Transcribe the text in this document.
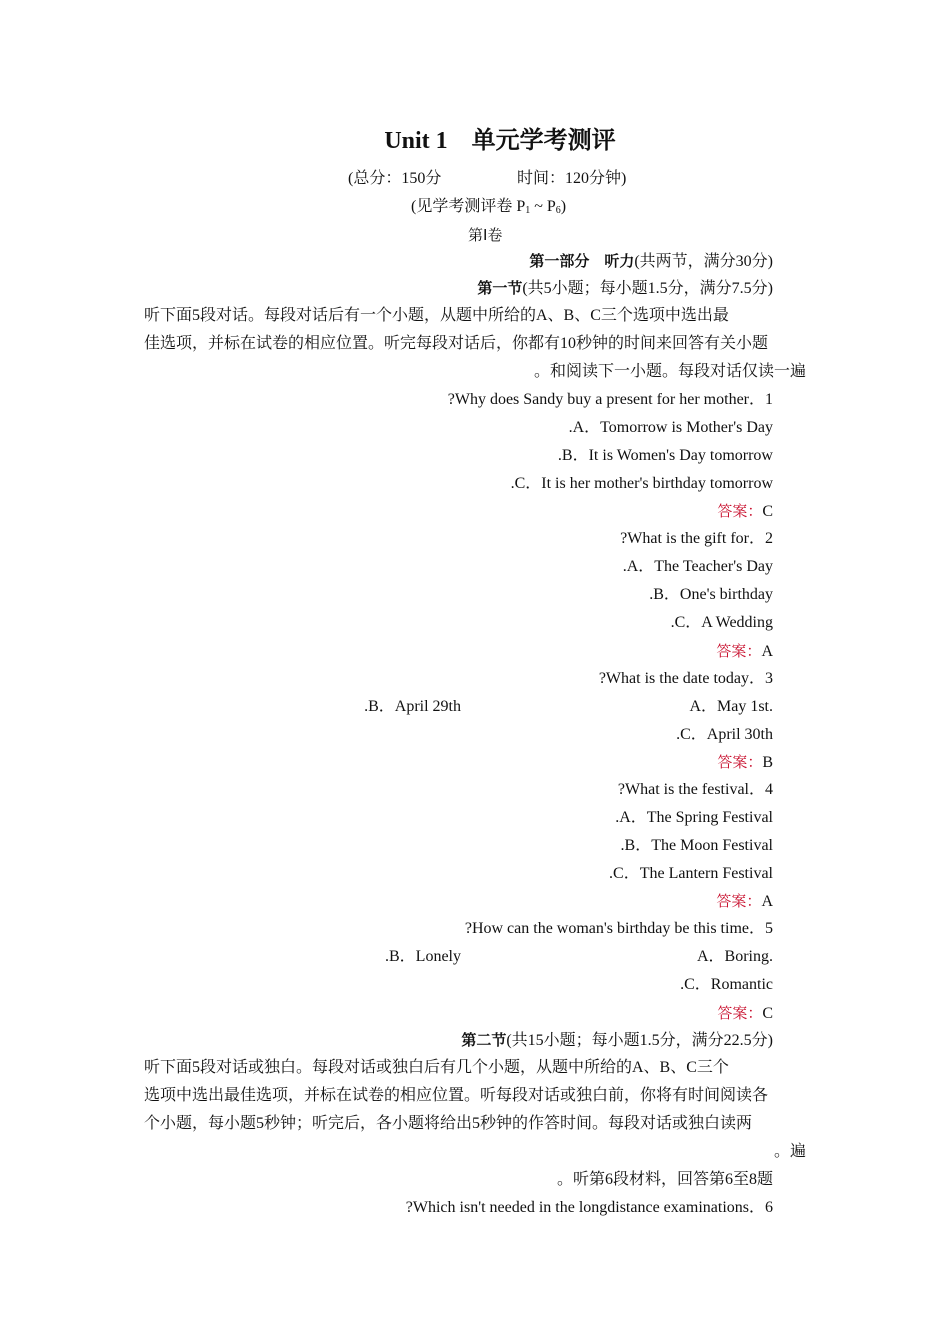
Unit 1　单元学考测评
(总分：150分	时间：120分钟)
(见学考测评卷 $P_1$ ~ $P_6$)
第Ⅰ卷
第一部分　听力(共两节，满分30分)
第一节(共5小题；每小题1.5分，满分7.5分)
听下面5段对话。每段对话后有一个小题，从题中所给的A、B、C三个选项中选出最
佳选项，并标在试卷的相应位置。听完每段对话后，你都有10秒钟的时间来回答有关小题
。和阅读下一小题。每段对话仅读一遍
?Why does Sandy buy a present for her mother．1
.A．Tomorrow is Mother's Day
.B．It is Women's Day tomorrow
.C．It is her mother's birthday tomorrow
答案：C
?What is the gift for．2
.A．The Teacher's Day
.B．One's birthday
.C．A Wedding
答案：A
?What is the date today．3
.B．April 29th	A．May 1st.
.C．April 30th
答案：B
?What is the festival．4
.A．The Spring Festival
.B．The Moon Festival
.C．The Lantern Festival
答案：A
?How can the woman's birthday be this time．5
.B．Lonely	A．Boring.
.C．Romantic
答案：C
第二节(共15小题；每小题1.5分，满分22.5分)
听下面5段对话或独白。每段对话或独白后有几个小题，从题中所给的A、B、C三个
选项中选出最佳选项，并标在试卷的相应位置。听每段对话或独白前，你将有时间阅读各
个小题，每小题5秒钟；听完后，各小题将给出5秒钟的作答时间。每段对话或独白读两
。遍
。听第6段材料，回答第6至8题
?Which isn't needed in the longdistance examinations．6
